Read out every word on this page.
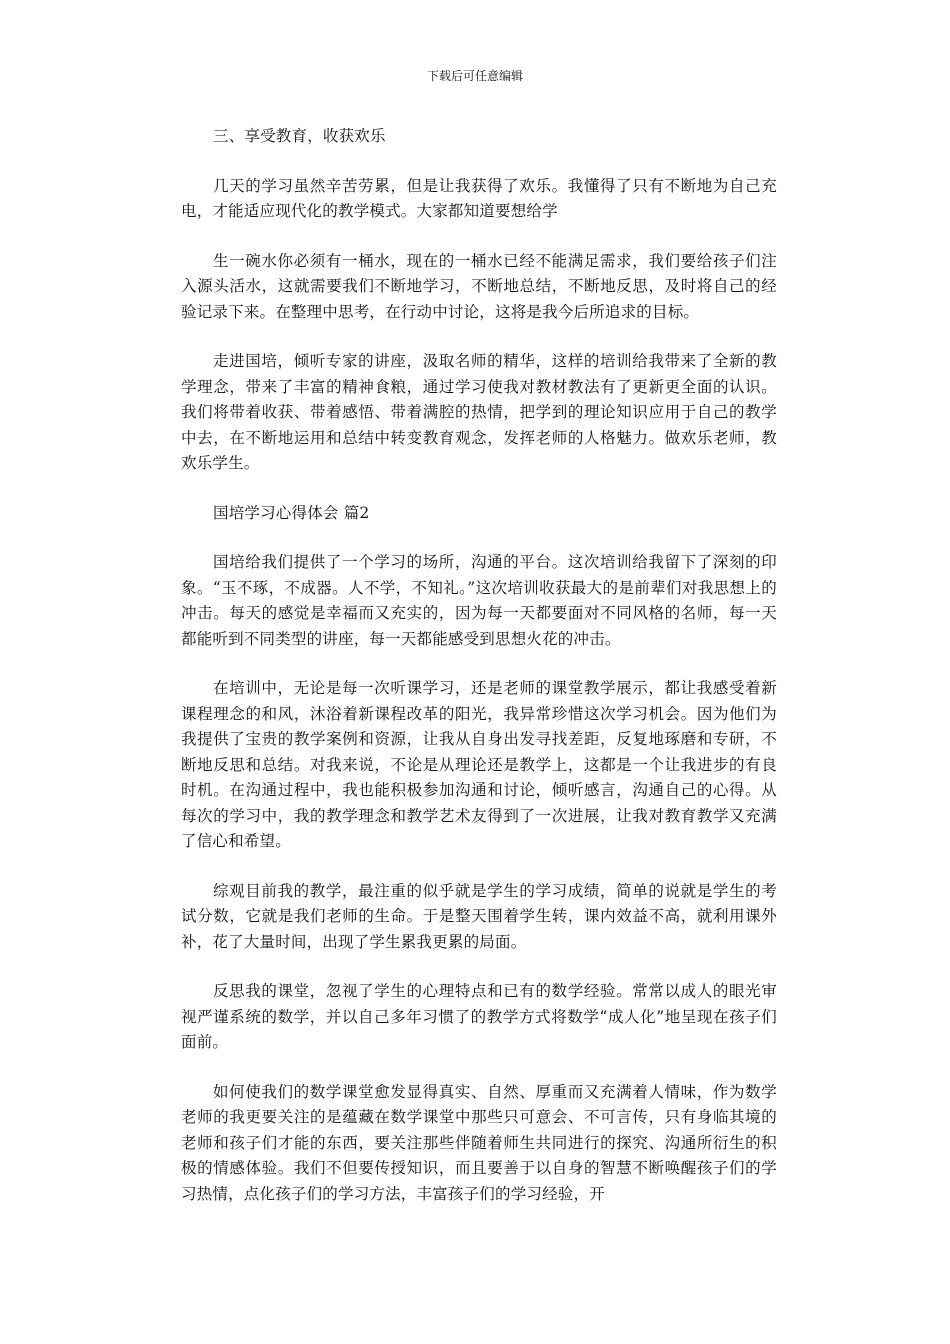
下载后可任意编辑

三、享受教育，收获欢乐

几天的学习虽然辛苦劳累，但是让我获得了欢乐。我懂得了只有不断地为自己充电，才能适应现代化的教学模式。大家都知道要想给学

生一碗水你必须有一桶水，现在的一桶水已经不能满足需求，我们要给孩子们注入源头活水，这就需要我们不断地学习，不断地总结，不断地反思，及时将自己的经验记录下来。在整理中思考，在行动中讨论，这将是我今后所追求的目标。

走进国培，倾听专家的讲座，汲取名师的精华，这样的培训给我带来了全新的教学理念，带来了丰富的精神食粮，通过学习使我对教材教法有了更新更全面的认识。我们将带着收获、带着感悟、带着满腔的热情，把学到的理论知识应用于自己的教学中去，在不断地运用和总结中转变教育观念，发挥老师的人格魅力。做欢乐老师，教欢乐学生。

国培学习心得体会 篇2

国培给我们提供了一个学习的场所，沟通的平台。这次培训给我留下了深刻的印象。“玉不琢，不成器。人不学，不知礼。”这次培训收获最大的是前辈们对我思想上的冲击。每天的感觉是幸福而又充实的，因为每一天都要面对不同风格的名师，每一天都能听到不同类型的讲座，每一天都能感受到思想火花的冲击。

在培训中，无论是每一次听课学习，还是老师的课堂教学展示，都让我感受着新课程理念的和风，沐浴着新课程改革的阳光，我异常珍惜这次学习机会。因为他们为我提供了宝贵的教学案例和资源，让我从自身出发寻找差距，反复地琢磨和专研，不断地反思和总结。对我来说，不论是从理论还是教学上，这都是一个让我进步的有良时机。在沟通过程中，我也能积极参加沟通和讨论，倾听感言，沟通自己的心得。从每次的学习中，我的教学理念和教学艺术友得到了一次进展，让我对教育教学又充满了信心和希望。

综观目前我的教学，最注重的似乎就是学生的学习成绩，简单的说就是学生的考试分数，它就是我们老师的生命。于是整天围着学生转，课内效益不高，就利用课外补，花了大量时间，出现了学生累我更累的局面。

反思我的课堂，忽视了学生的心理特点和已有的数学经验。常常以成人的眼光审视严谨系统的数学，并以自己多年习惯了的教学方式将数学“成人化”地呈现在孩子们面前。

如何使我们的数学课堂愈发显得真实、自然、厚重而又充满着人情味，作为数学老师的我更要关注的是蕴藏在数学课堂中那些只可意会、不可言传，只有身临其境的老师和孩子们才能的东西，要关注那些伴随着师生共同进行的探究、沟通所衍生的积极的情感体验。我们不但要传授知识，而且要善于以自身的智慧不断唤醒孩子们的学习热情，点化孩子们的学习方法，丰富孩子们的学习经验，开
